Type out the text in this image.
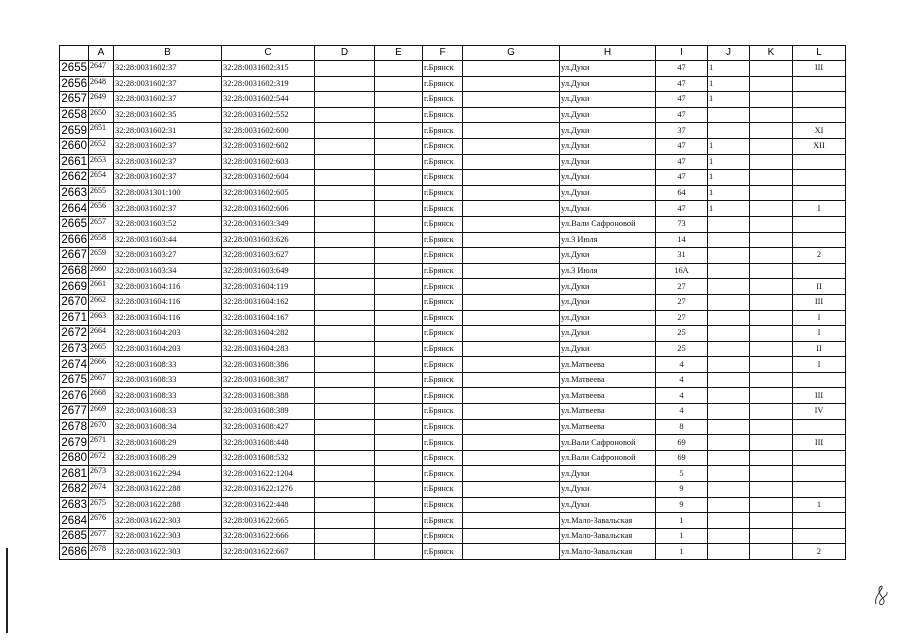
	A	B	C	D	E	F	G	H	I	J	K	L
2655	2647	32:28:0031602:37	32:28:0031602:315			г.Брянск		ул.Дуки	47	1		III
2656	2648	32:28:0031602:37	32:28:0031602:319			г.Брянск		ул.Дуки	47	1		
2657	2649	32:28:0031602:37	32:28:0031602:544			г.Брянск		ул.Дуки	47	1		
2658	2650	32:28:0031602:35	32:28:0031602:552			г.Брянск		ул.Дуки	47			
2659	2651	32:28:0031602:31	32:28:0031602:600			г.Брянск		ул.Дуки	37			XI
2660	2652	32:28:0031602:37	32:28:0031602:602			г.Брянск		ул.Дуки	47	1		XII
2661	2653	32:28:0031602:37	32:28:0031602:603			г.Брянск		ул.Дуки	47	1		
2662	2654	32:28:0031602:37	32:28:0031602:604			г.Брянск		ул.Дуки	47	1		
2663	2655	32:28:0031301:100	32:28:0031602:605			г.Брянск		ул.Дуки	64	1		
2664	2656	32:28:0031602:37	32:28:0031602:606			г.Брянск		ул.Дуки	47	1		I
2665	2657	32:28:0031603:52	32:28:0031603:349			г.Брянск		ул.Вали Сафроновой	73			
2666	2658	32:28:0031603:44	32:28:0031603:626			г.Брянск		ул.3 Июля	14			
2667	2659	32:28:0031603:27	32:28:0031603:627			г.Брянск		ул.Дуки	31			2
2668	2660	32:28:0031603:34	32:28:0031603:649			г.Брянск		ул.3 Июля	16А			
2669	2661	32:28:0031604:116	32:28:0031604:119			г.Брянск		ул.Дуки	27			II
2670	2662	32:28:0031604:116	32:28:0031604:162			г.Брянск		ул.Дуки	27			III
2671	2663	32:28:0031604:116	32:28:0031604:167			г.Брянск		ул.Дуки	27			I
2672	2664	32:28:0031604:203	32:28:0031604:282			г.Брянск		ул.Дуки	25			I
2673	2665	32:28:0031604:203	32:28:0031604:283			г.Брянск		ул.Дуки	25			II
2674	2666	32:28:0031608:33	32:28:0031608:386			г.Брянск		ул.Матвеева	4			I
2675	2667	32:28:0031608:33	32:28:0031608:387			г.Брянск		ул.Матвеева	4			
2676	2668	32:28:0031608:33	32:28:0031608:388			г.Брянск		ул.Матвеева	4			III
2677	2669	32:28:0031608:33	32:28:0031608:389			г.Брянск		ул.Матвеева	4			IV
2678	2670	32:28:0031608:34	32:28:0031608:427			г.Брянск		ул.Матвеева	8			
2679	2671	32:28:0031608:29	32:28:0031608:448			г.Брянск		ул.Вали Сафроновой	69			III
2680	2672	32:28:0031608:29	32:28:0031608:532			г.Брянск		ул.Вали Сафроновой	69			
2681	2673	32:28:0031622:294	32:28:0031622:1204			г.Брянск		ул.Дуки	5			
2682	2674	32:28:0031622:288	32:28:0031622:1276			г.Брянск		ул.Дуки	9			
2683	2675	32:28:0031622:288	32:28:0031622:448			г.Брянск		ул.Дуки	9			1
2684	2676	32:28:0031622:303	32:28:0031622:665			г.Брянск		ул.Мало-Завальская	1			
2685	2677	32:28:0031622:303	32:28:0031622:666			г.Брянск		ул.Мало-Завальская	1			
2686	2678	32:28:0031622:303	32:28:0031622:667			г.Брянск		ул.Мало-Завальская	1			2
